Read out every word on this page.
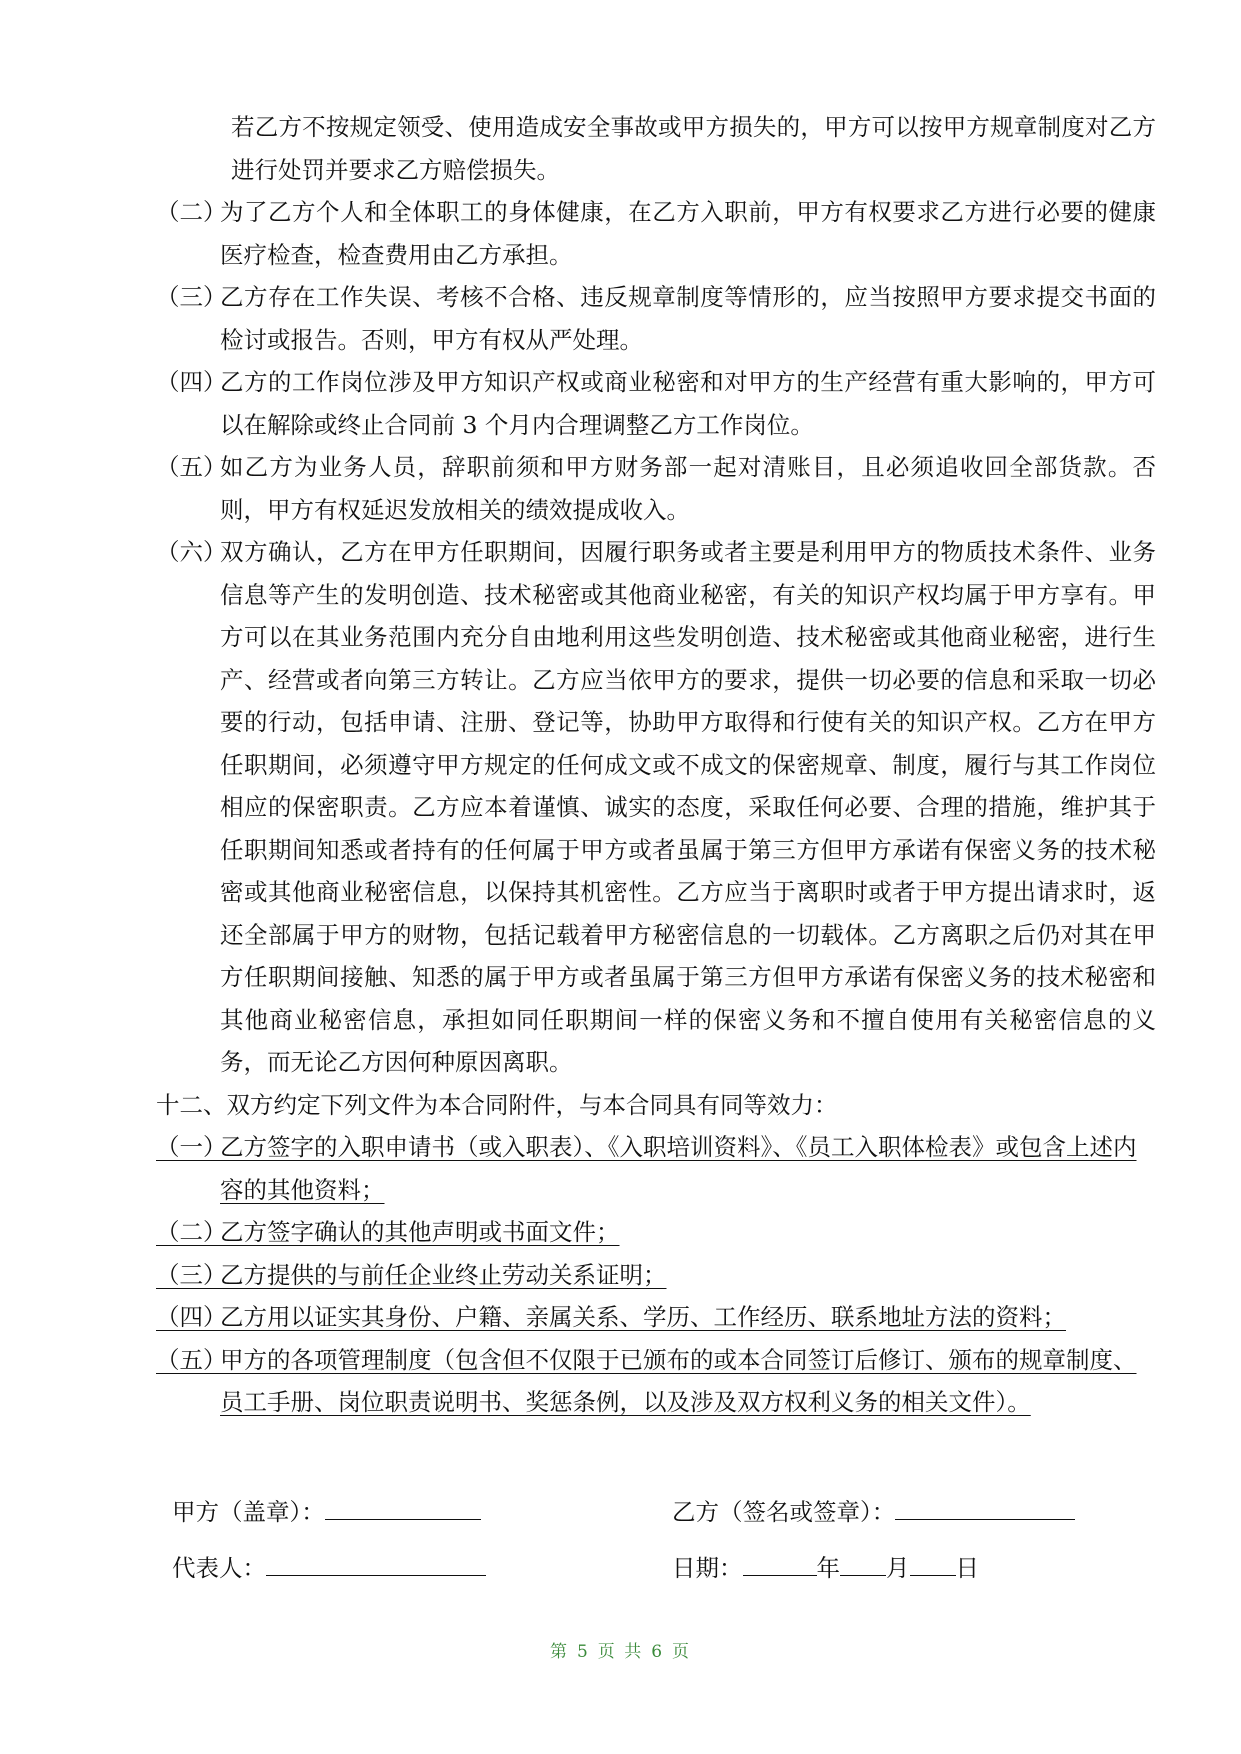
若乙方不按规定领受、使用造成安全事故或甲方损失的，甲方可以按甲方规章制度对乙方进行处罚并要求乙方赔偿损失。

（二）
为了乙方个人和全体职工的身体健康，在乙方入职前，甲方有权要求乙方进行必要的健康医疗检查，检查费用由乙方承担。

（三）
乙方存在工作失误、考核不合格、违反规章制度等情形的，应当按照甲方要求提交书面的检讨或报告。否则，甲方有权从严处理。

（四）
乙方的工作岗位涉及甲方知识产权或商业秘密和对甲方的生产经营有重大影响的，甲方可以在解除或终止合同前 3 个月内合理调整乙方工作岗位。

（五）
如乙方为业务人员，辞职前须和甲方财务部一起对清账目，且必须追收回全部货款。否则，甲方有权延迟发放相关的绩效提成收入。

（六）
双方确认，乙方在甲方任职期间，因履行职务或者主要是利用甲方的物质技术条件、业务信息等产生的发明创造、技术秘密或其他商业秘密，有关的知识产权均属于甲方享有。甲方可以在其业务范围内充分自由地利用这些发明创造、技术秘密或其他商业秘密，进行生产、经营或者向第三方转让。乙方应当依甲方的要求，提供一切必要的信息和采取一切必要的行动，包括申请、注册、登记等，协助甲方取得和行使有关的知识产权。乙方在甲方任职期间，必须遵守甲方规定的任何成文或不成文的保密规章、制度，履行与其工作岗位相应的保密职责。乙方应本着谨慎、诚实的态度，采取任何必要、合理的措施，维护其于任职期间知悉或者持有的任何属于甲方或者虽属于第三方但甲方承诺有保密义务的技术秘密或其他商业秘密信息，以保持其机密性。乙方应当于离职时或者于甲方提出请求时，返还全部属于甲方的财物，包括记载着甲方秘密信息的一切载体。乙方离职之后仍对其在甲方任职期间接触、知悉的属于甲方或者虽属于第三方但甲方承诺有保密义务的技术秘密和其他商业秘密信息，承担如同任职期间一样的保密义务和不擅自使用有关秘密信息的义务，而无论乙方因何种原因离职。

十二、双方约定下列文件为本合同附件，与本合同具有同等效力：

（一）
乙方签字的入职申请书（或入职表）、《入职培训资料》、《员工入职体检表》或包含上述内容的其他资料；

（二）
乙方签字确认的其他声明或书面文件；

（三）
乙方提供的与前任企业终止劳动关系证明；

（四）
乙方用以证实其身份、户籍、亲属关系、学历、工作经历、联系地址方法的资料；

（五）
甲方的各项管理制度（包含但不仅限于已颁布的或本合同签订后修订、颁布的规章制度、员工手册、岗位职责说明书、奖惩条例，以及涉及双方权利义务的相关文件）。

甲方（盖章）：	乙方（签名或签章）：
代表人：	日期：	年 月 日
第 5 页 共 6 页
